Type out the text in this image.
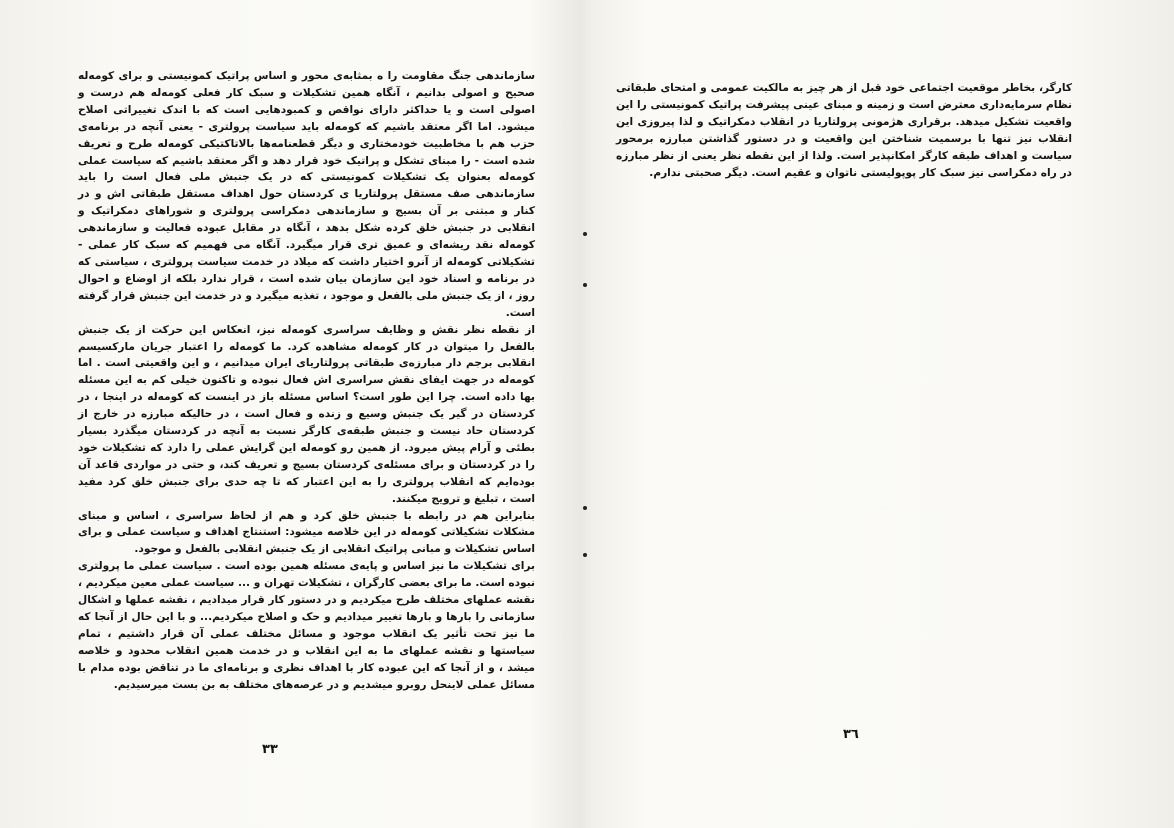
سازماندهی جنگ مقاومت را ه بمثابه‌ی محور و اساس پراتیک کمونیستی و برای کومه‌له صحیح و اصولی بدانیم ، آنگاه همین تشکیلات و سبک کار فعلی کومه‌له هم درست و اصولی است و یا حداکثر دارای نواقص و کمبودهایی است که با اندک تغییراتی اصلاح میشود. اما اگر معتقد باشیم که کومه‌له باید سیاست پرولتری - یعنی آنچه در برنامه‌ی حزب هم با مخاطبیت خودمختاری و دیگر قطعنامه‌ها بالاتاکتیکی کومه‌له طرح و تعریف شده است - را مبنای تشکل و پراتیک خود قرار دهد و اگر معتقد باشیم که سیاست عملی کومه‌له بعنوان یک تشکیلات کمونیستی که در یک جنبش ملی فعال است را باید سازماندهی صف مستقل پرولتاریا ی کردستان حول اهداف مستقل طبقاتی اش و در کنار و مبتنی بر آن بسیج و سازماندهی دمکراسی پرولتری و شوراهای دمکراتیک و انقلابی در جنبش خلق کرده شکل بدهد ، آنگاه در مقابل عبوده فعالیت و سازماندهی کومه‌له نقد ریشه‌ای و عمیق تری قرار میگیرد. آنگاه می فهمیم که سبک کار عملی - تشکیلاتی کومه‌له از آنرو اختیار داشت که میلاد در خدمت سیاست پرولتری ، سیاستی که در برنامه و اسناد خود این سازمان بیان شده است ، قرار ندارد بلکه از اوضاع و احوال روز ، از یک جنبش ملی بالفعل و موجود ، تغذیه میگیرد و در خدمت این جنبش قرار گرفته است.

از نقطه نظر نقش و وظایف سراسری کومه‌له نیز، انعکاس این حرکت از یک جنبش بالفعل را میتوان در کار کومه‌له مشاهده کرد. ما کومه‌له را اعتبار جریان مارکسیسم انقلابی برجم دار مبارزه‌ی طبقاتی پرولتاریای ایران میدانیم ، و این واقعیتی است . اما کومه‌له در جهت ایفای نقش سراسری اش فعال نبوده و تاکنون خیلی کم به این مسئله بها داده است. چرا این طور است؟ اساس مسئله باز در اینست که کومه‌له در اینجا ، در کردستان در گیر یک جنبش وسیع و زنده و فعال است ، در حالیکه مبارزه در خارج از کردستان حاد نیست و جنبش طبقه‌ی کارگر نسبت به آنچه در کردستان میگذرد بسیار بطئی و آرام پیش میرود. از همین رو کومه‌له این گرایش عملی را دارد که تشکیلات خود را در کردستان و برای مسئله‌ی کردستان بسیج و تعریف کند، و حتی در مواردی قاعد آن بوده‌ایم که انقلاب پرولتری را به این اعتبار که تا چه حدی برای جنبش خلق کرد مفید است ، تبلیغ و ترویج میکنند.

بنابراین هم در رابطه با جنبش خلق کرد و هم از لحاظ سراسری ، اساس و مبنای مشکلات تشکیلاتی کومه‌له در این خلاصه میشود: استنتاج اهداف و سیاست عملی و برای اساس تشکیلات و مبانی پراتیک انقلابی از یک جنبش انقلابی بالفعل و موجود.

برای تشکیلات ما نیز اساس و پایه‌ی مسئله همین بوده است . سیاست عملی ما پرولتری نبوده است. ما برای بعضی کارگران ، تشکیلات تهران و ... سیاست عملی معین میکردیم ، نقشه عملهای مختلف طرح میکردیم و در دستور کار قرار میدادیم ، نقشه عملها و اشکال سازمانی را بارها و بارها تغییر میدادیم و حک و اصلاح میکردیم... و با این حال از آنجا که ما نیز تحت تأثیر یک انقلاب موجود و مسائل مختلف عملی آن قرار داشتیم ، تمام سیاستها و نقشه عملهای ما به این انقلاب و در خدمت همین انقلاب محدود و خلاصه میشد ، و از آنجا که این عبوده کار با اهداف نظری و برنامه‌ای ما در تناقض بوده مدام با مسائل عملی لاینحل روبرو میشدیم و در عرصه‌های مختلف به بن بست میرسیدیم.

٣٣

کارگر، بخاطر موقعیت اجتماعی خود قبل از هر چیز به مالکیت عمومی و امتحای طبقاتی نظام سرمایه‌داری معترض است و زمینه و مبنای عینی پیشرفت پراتیک کمونیستی را این واقعیت تشکیل میدهد. برقراری هژمونی پرولتاریا در انقلاب دمکراتیک و لذا پیروزی این انقلاب نیز تنها با برسمیت شناختن این واقعیت و در دستور گذاشتن مبارزه برمحور سیاست و اهداف طبقه کارگر امکانپذیر است. ولذا از این نقطه نظر یعنی از نظر مبارزه در راه دمکراسی نیز سبک کار پوپولیستی ناتوان و عقیم است. دیگر صحبتی ندارم.

٣٦
